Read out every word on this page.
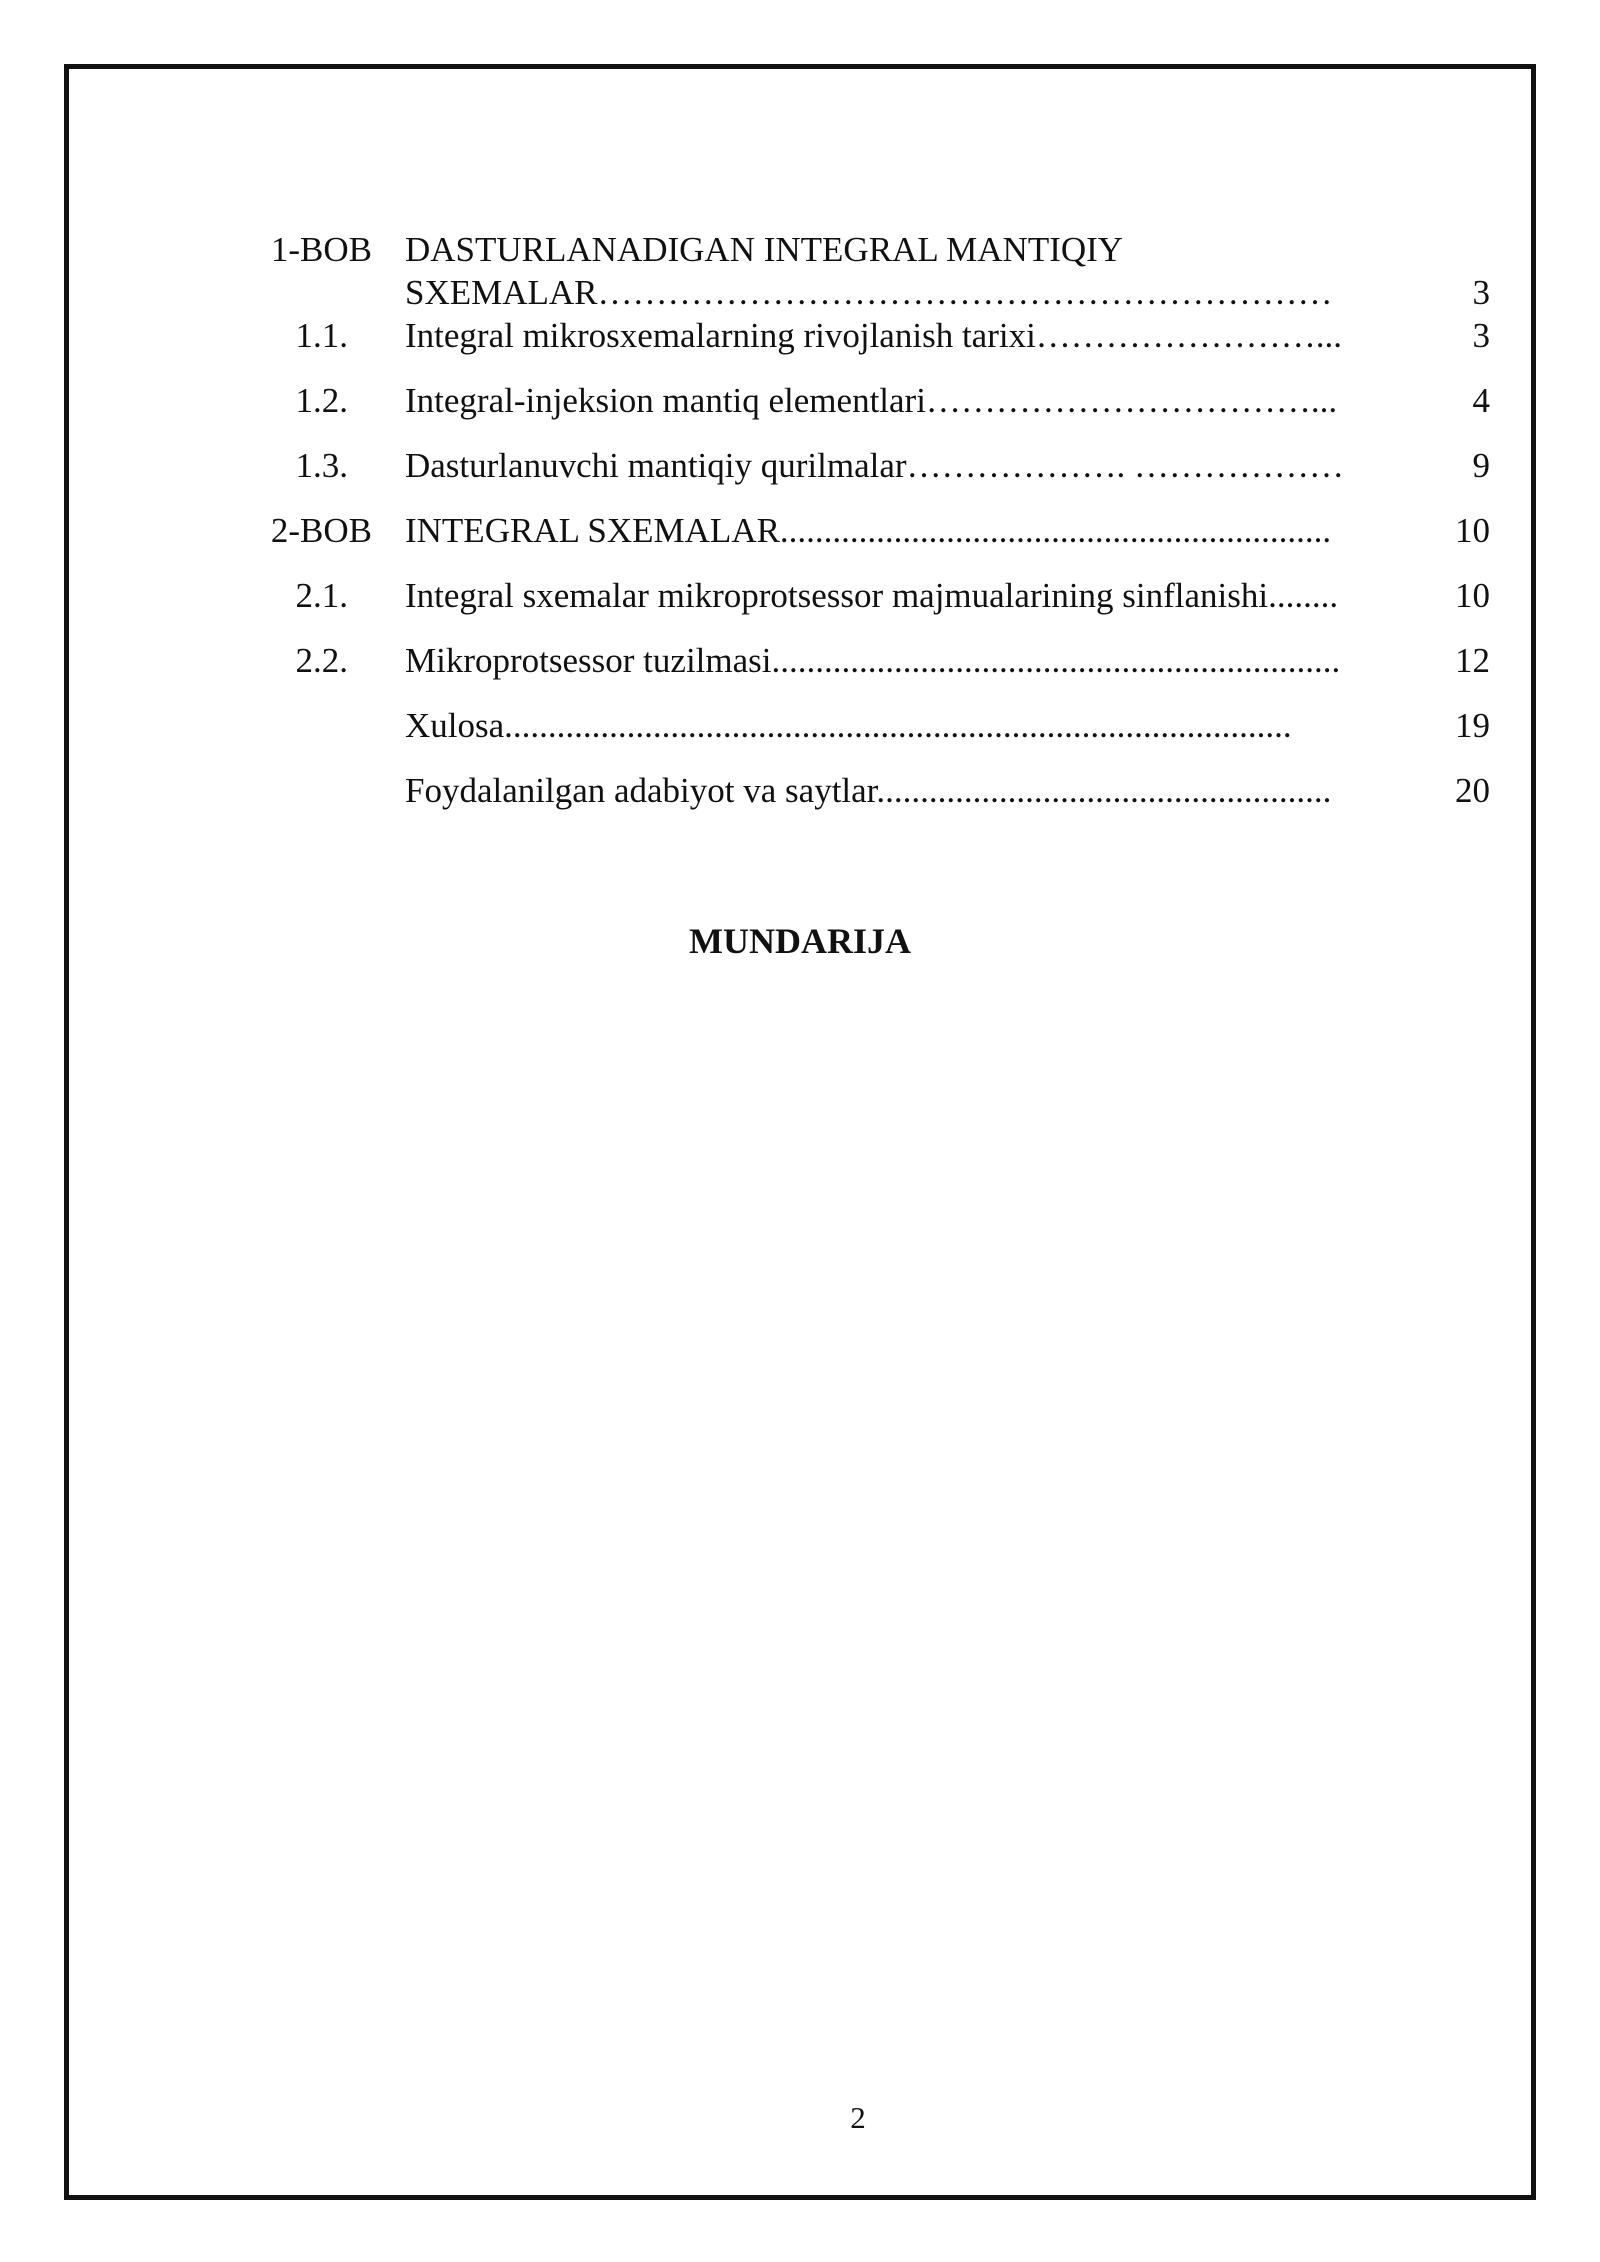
1-BOB DASTURLANADIGAN INTEGRAL MANTIQIY
SXEMALAR………………………………………………………	3
1.1. Integral mikrosxemalarning rivojlanish tarixi……………………...	3
1.2. Integral-injeksion mantiq elementlari……………………………...	4
1.3. Dasturlanuvchi mantiqiy qurilmalar………………. ………………	9
2-BOB INTEGRAL SXEMALAR...............................................................	10
2.1. Integral sxemalar mikroprotsessor majmualarining sinflanishi........	10
2.2. Mikroprotsessor tuzilmasi.................................................................	12
Xulosa..........................................................................................	19
Foydalanilgan adabiyot va saytlar....................................................	20
MUNDARIJA
2
